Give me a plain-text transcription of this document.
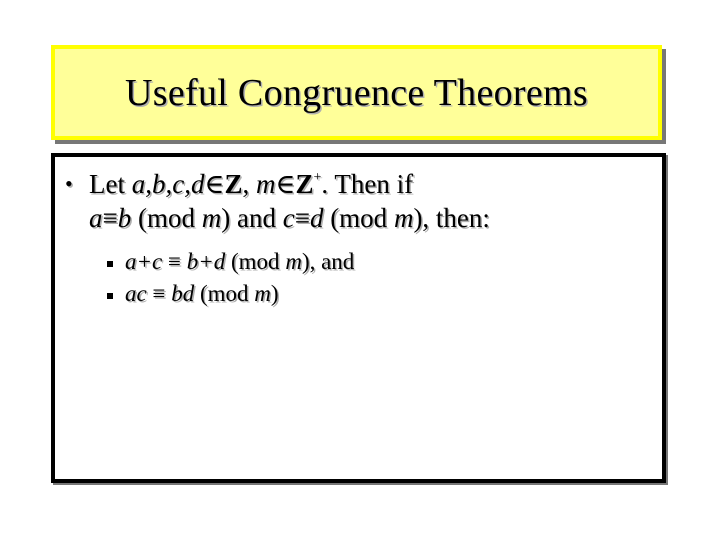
Useful Congruence Theorems
• Let a,b,c,d∈Z, m∈Z+. Then if
a≡b (mod m) and c≡d (mod m), then:
a+c ≡ b+d (mod m), and
ac ≡ bd (mod m)
